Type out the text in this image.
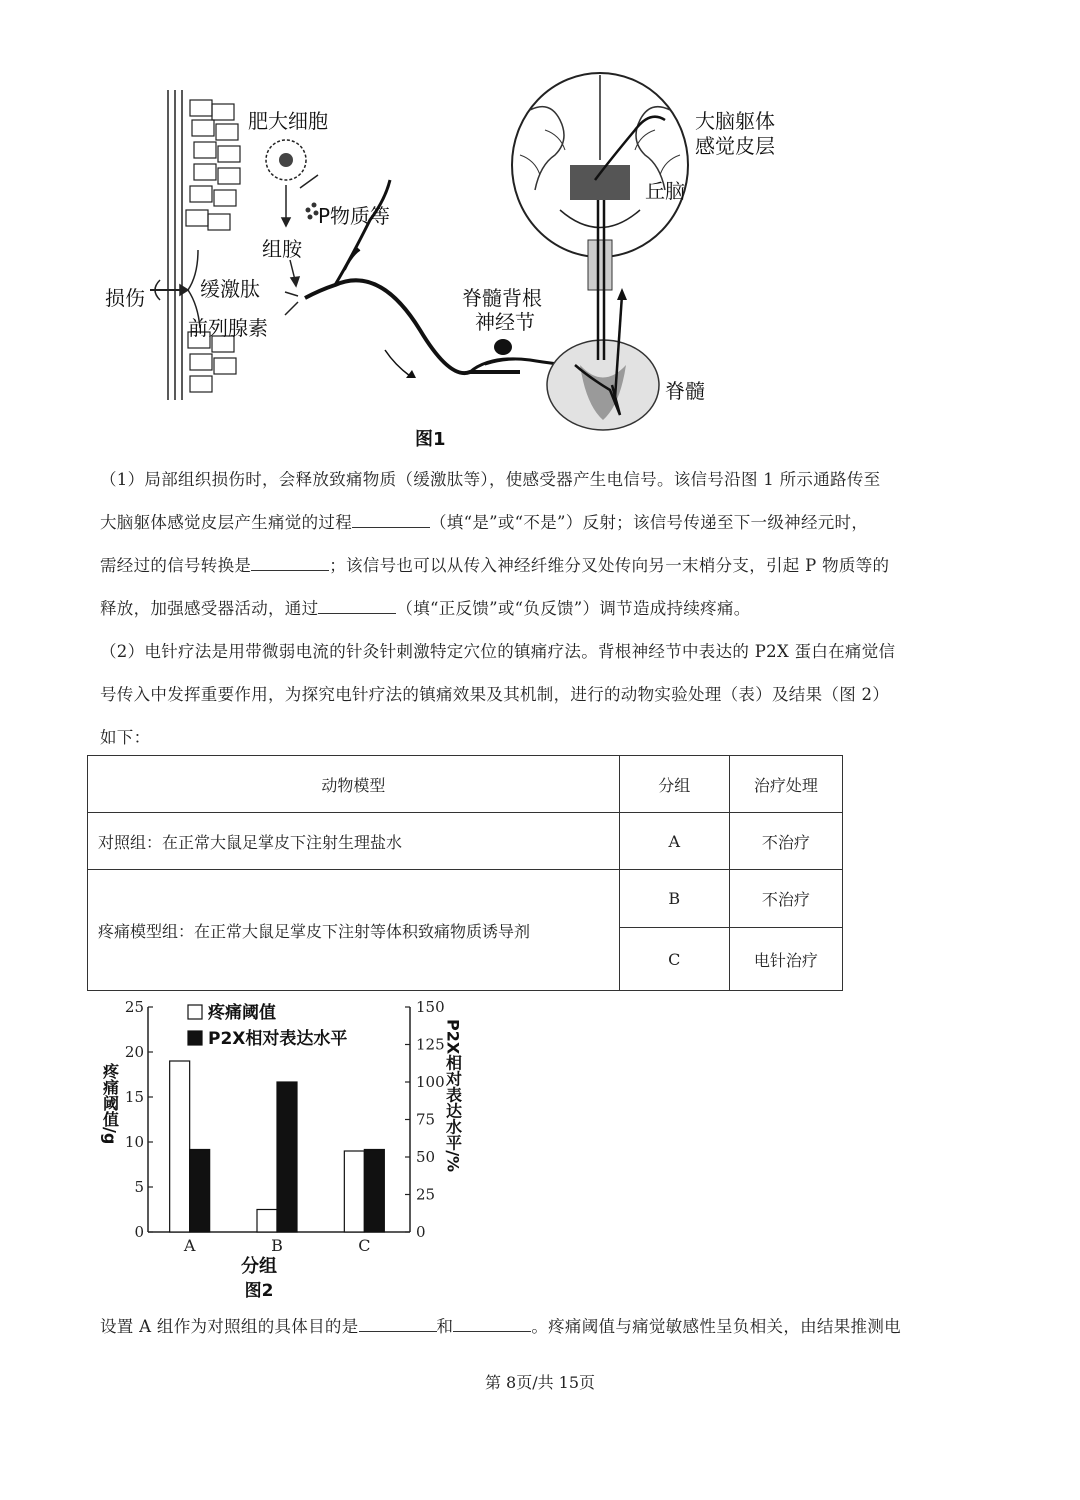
肥大细胞
P物质等
组胺
缓激肽
前列腺素
损伤	脊髓背根
神经节
大脑躯体
感觉皮层
丘脑
脊髓
图1
（1）局部组织损伤时，会释放致痛物质（缓激肽等），使感受器产生电信号。该信号沿图 1 所示通路传至
大脑躯体感觉皮层产生痛觉的过程	（填“是”或“不是”）反射；该信号传递至下一级神经元时，
需经过的信号转换是	；该信号也可以从传入神经纤维分叉处传向另一末梢分支，引起 P 物质等的
释放，加强感受器活动，通过	（填“正反馈”或“负反馈”）调节造成持续疼痛。
（2）电针疗法是用带微弱电流的针灸针刺激特定穴位的镇痛疗法。背根神经节中表达的 P2X 蛋白在痛觉信
号传入中发挥重要作用，为探究电针疗法的镇痛效果及其机制，进行的动物实验处理（表）及结果（图 2）
如下：
动物模型	分组	治疗处理
对照组：在正常大鼠足掌皮下注射生理盐水	A	不治疗
疼痛模型组：在正常大鼠足掌皮下注射等体积致痛物质诱导剂	B	不治疗
	C	电针治疗
0
5
10
15
20
25
0
25
50
75
100
125
150
A	B	C
疼痛阈值
P2X相对表达水平
疼痛阈值/g	P2X相对表达水平/%
分组
图2
设置 A 组作为对照组的具体目的是	和	。疼痛阈值与痛觉敏感性呈负相关，由结果推测电
第 8页/共 15页
